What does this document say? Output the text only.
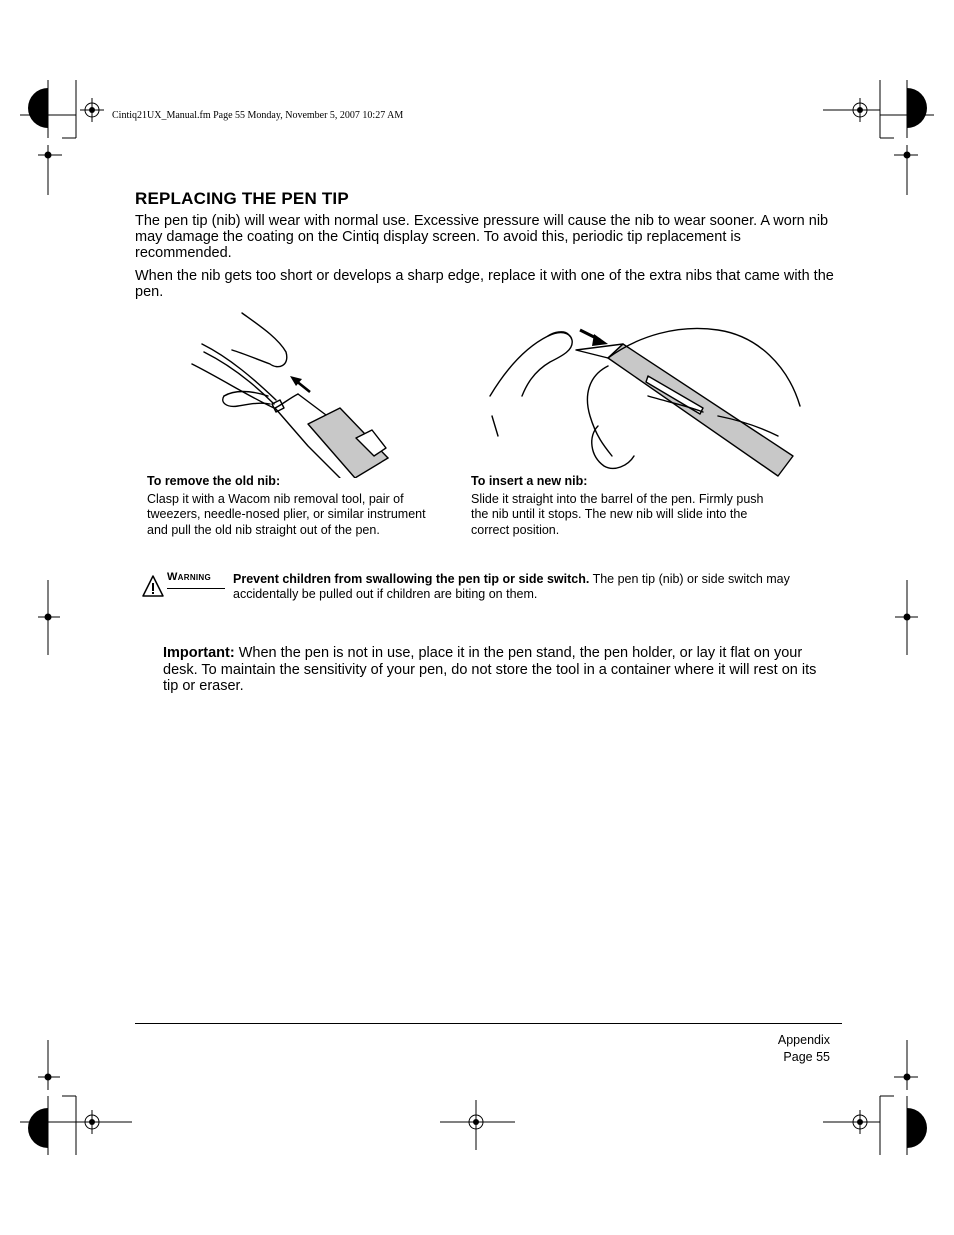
Cintiq21UX_Manual.fm Page 55 Monday, November 5, 2007 10:27 AM
REPLACING THE PEN TIP

The pen tip (nib) will wear with normal use. Excessive pressure will cause the nib to wear sooner. A worn nib may damage the coating on the Cintiq display screen. To avoid this, periodic tip replacement is recommended.

When the nib gets too short or develops a sharp edge, replace it with one of the extra nibs that came with the pen.

To remove the old nib:

Clasp it with a Wacom nib removal tool, pair of tweezers, needle-nosed plier, or similar instrument and pull the old nib straight out of the pen.

To insert a new nib:

Slide it straight into the barrel of the pen. Firmly push the nib until it stops. The new nib will slide into the correct position.

Warning Prevent children from swallowing the pen tip or side switch. The pen tip (nib) or side switch may accidentally be pulled out if children are biting on them.

Important: When the pen is not in use, place it in the pen stand, the pen holder, or lay it flat on your desk. To maintain the sensitivity of your pen, do not store the tool in a container where it will rest on its tip or eraser.

Appendix
Page 55
